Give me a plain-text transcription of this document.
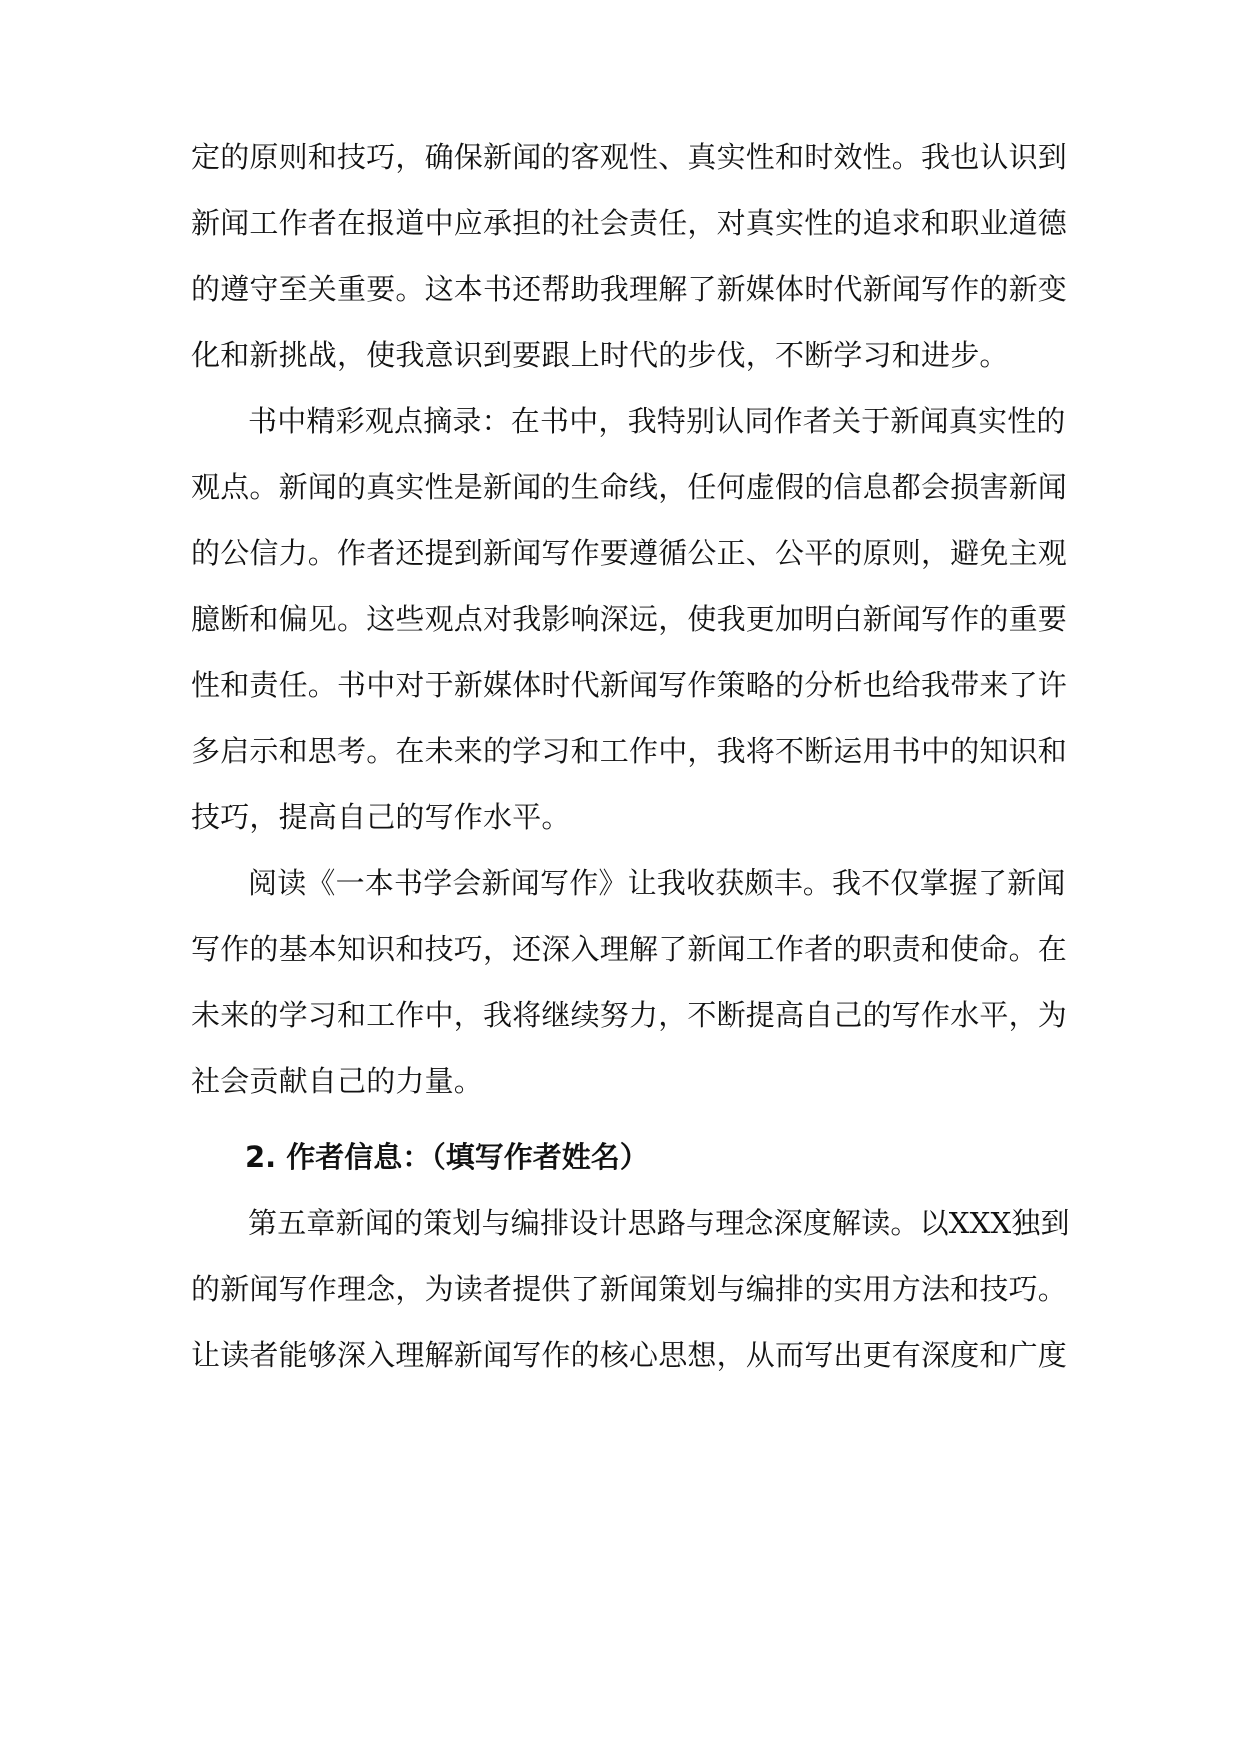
定的原则和技巧，确保新闻的客观性、真实性和时效性。我也认识到

新闻工作者在报道中应承担的社会责任，对真实性的追求和职业道德

的遵守至关重要。这本书还帮助我理解了新媒体时代新闻写作的新变

化和新挑战，使我意识到要跟上时代的步伐，不断学习和进步。

书中精彩观点摘录：在书中，我特别认同作者关于新闻真实性的

观点。新闻的真实性是新闻的生命线，任何虚假的信息都会损害新闻

的公信力。作者还提到新闻写作要遵循公正、公平的原则，避免主观

臆断和偏见。这些观点对我影响深远，使我更加明白新闻写作的重要

性和责任。书中对于新媒体时代新闻写作策略的分析也给我带来了许

多启示和思考。在未来的学习和工作中，我将不断运用书中的知识和

技巧，提高自己的写作水平。

阅读《一本书学会新闻写作》让我收获颇丰。我不仅掌握了新闻

写作的基本知识和技巧，还深入理解了新闻工作者的职责和使命。在

未来的学习和工作中，我将继续努力，不断提高自己的写作水平，为

社会贡献自己的力量。

2. 作者信息：（填写作者姓名）

第五章新闻的策划与编排设计思路与理念深度解读。以XXX独到

的新闻写作理念，为读者提供了新闻策划与编排的实用方法和技巧。

让读者能够深入理解新闻写作的核心思想，从而写出更有深度和广度
